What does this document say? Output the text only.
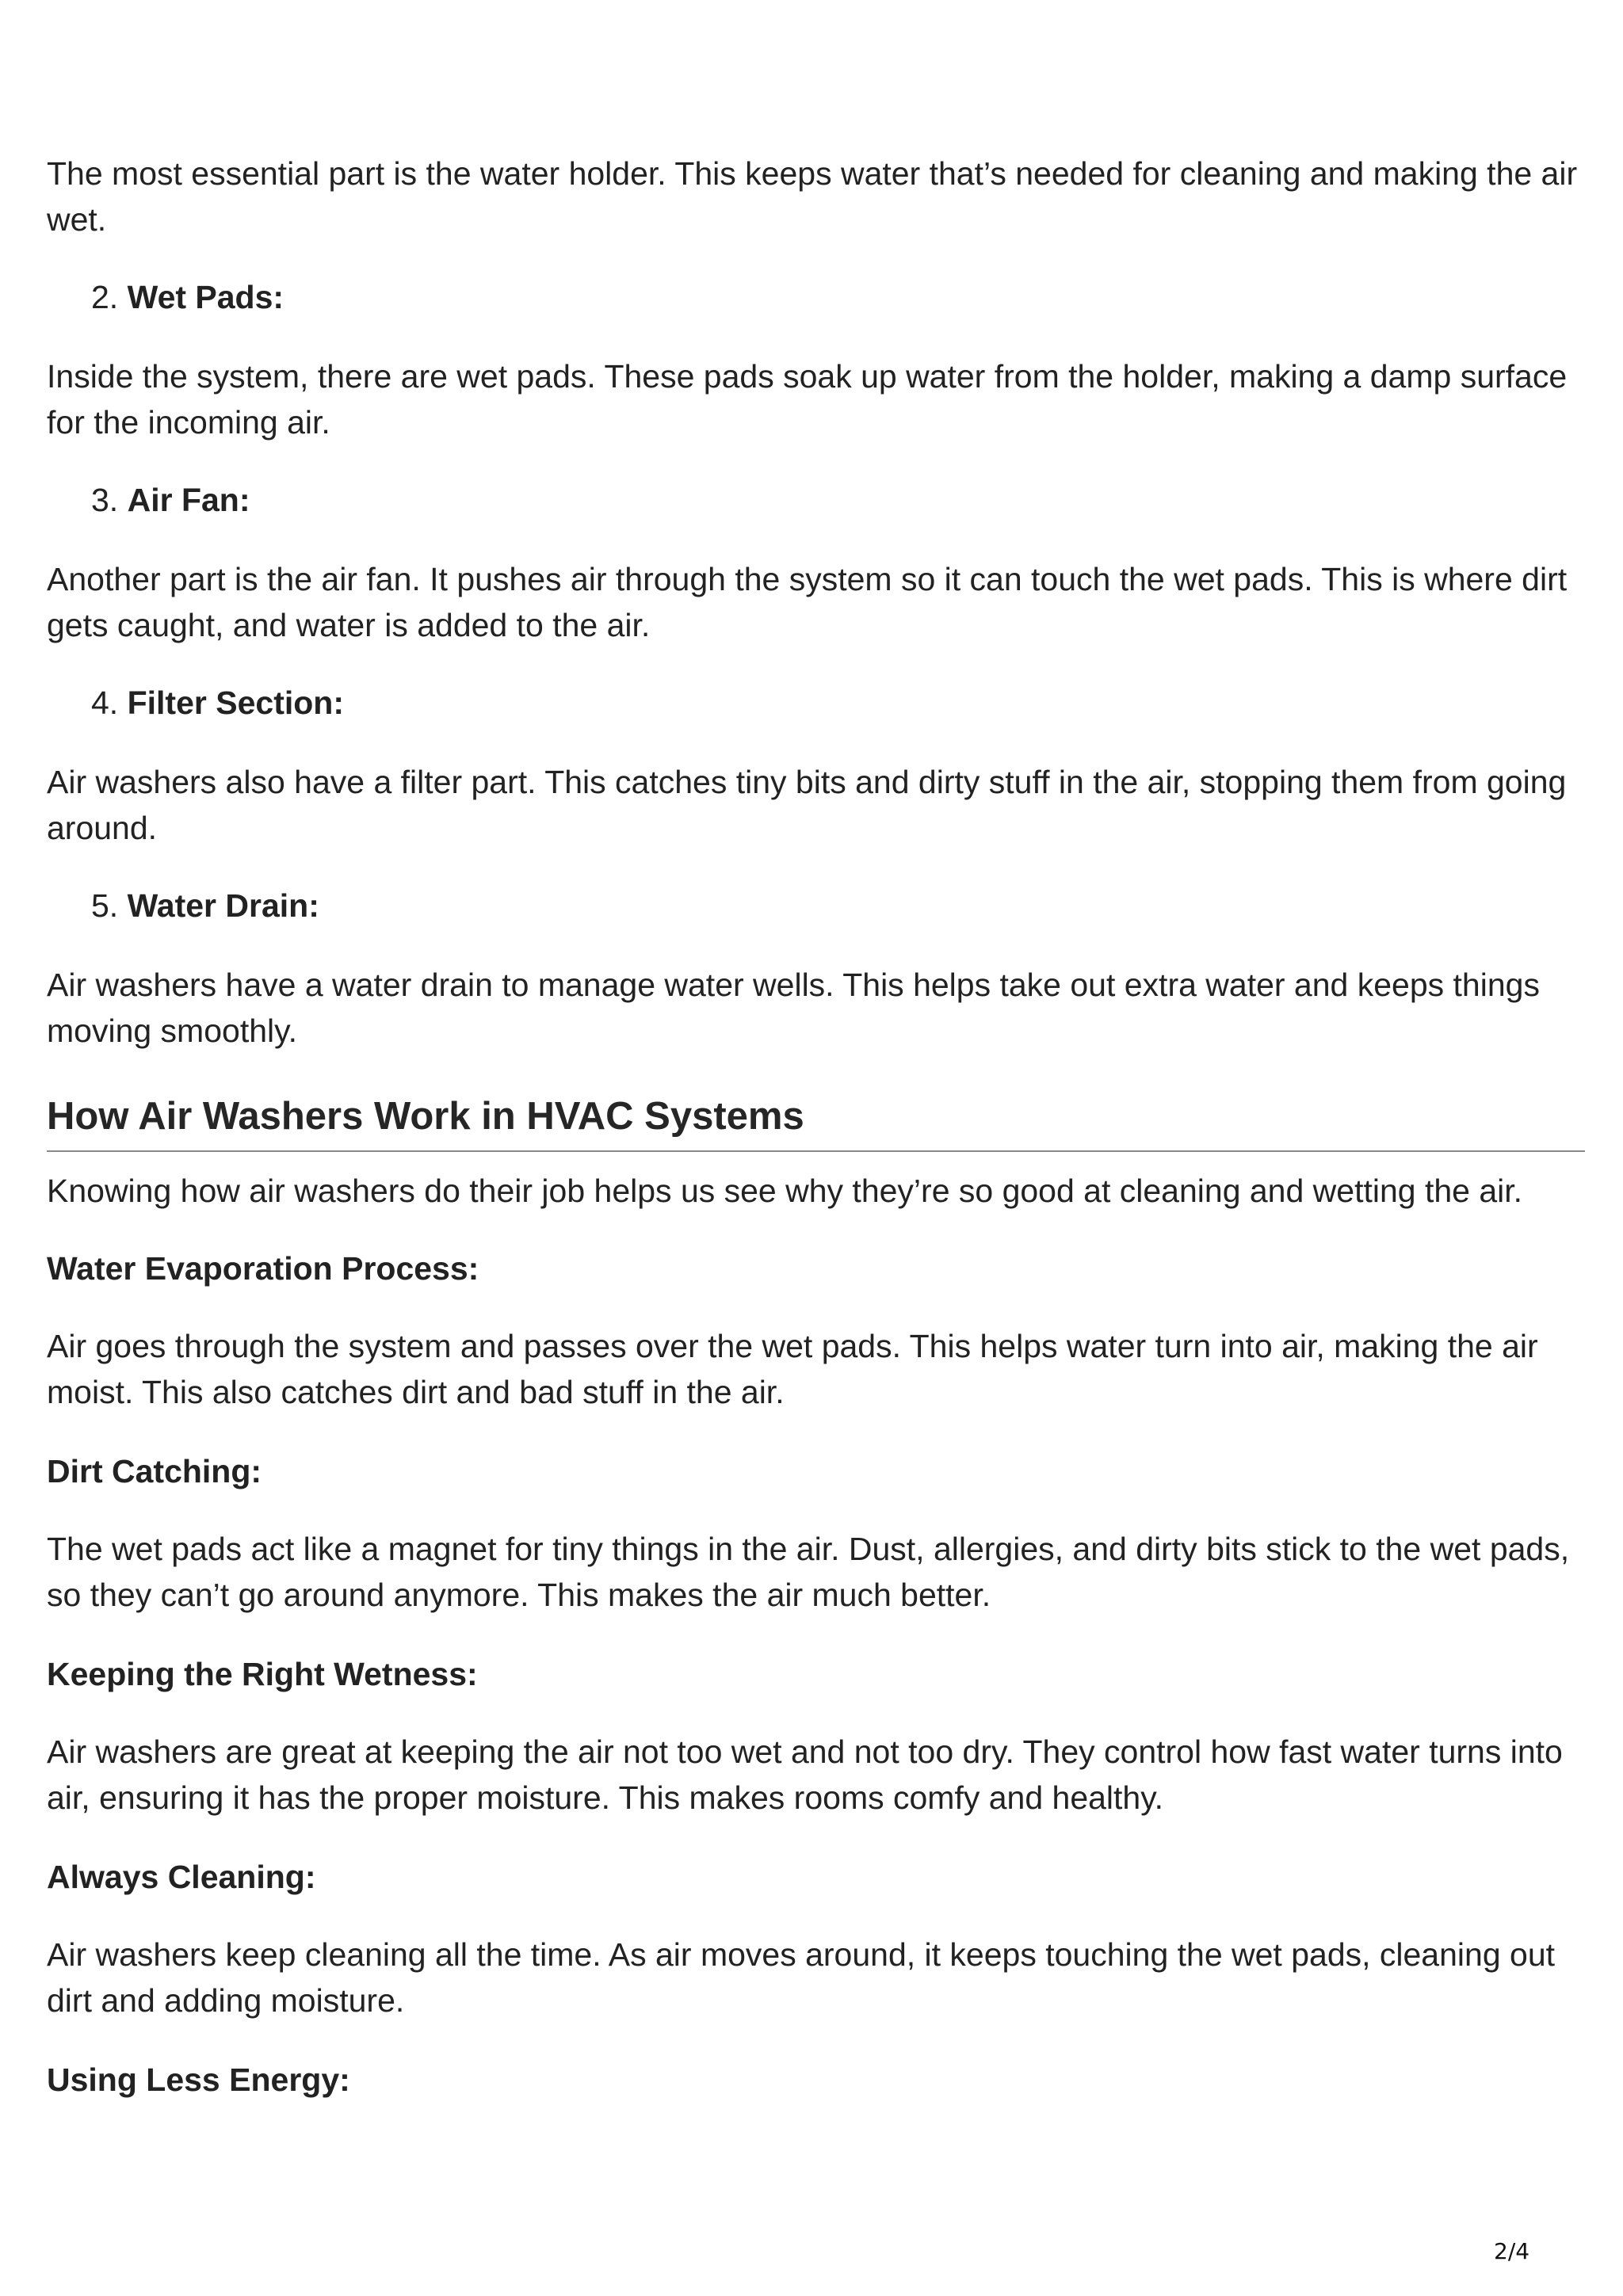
The most essential part is the water holder. This keeps water that’s needed for cleaning and making the air wet.

2. Wet Pads:

Inside the system, there are wet pads. These pads soak up water from the holder, making a damp surface for the incoming air.

3. Air Fan:

Another part is the air fan. It pushes air through the system so it can touch the wet pads. This is where dirt gets caught, and water is added to the air.

4. Filter Section:

Air washers also have a filter part. This catches tiny bits and dirty stuff in the air, stopping them from going around.

5. Water Drain:

Air washers have a water drain to manage water wells. This helps take out extra water and keeps things moving smoothly.

How Air Washers Work in HVAC Systems

Knowing how air washers do their job helps us see why they’re so good at cleaning and wetting the air.

Water Evaporation Process:

Air goes through the system and passes over the wet pads. This helps water turn into air, making the air moist. This also catches dirt and bad stuff in the air.

Dirt Catching:

The wet pads act like a magnet for tiny things in the air. Dust, allergies, and dirty bits stick to the wet pads, so they can’t go around anymore. This makes the air much better.

Keeping the Right Wetness:

Air washers are great at keeping the air not too wet and not too dry. They control how fast water turns into air, ensuring it has the proper moisture. This makes rooms comfy and healthy.

Always Cleaning:

Air washers keep cleaning all the time. As air moves around, it keeps touching the wet pads, cleaning out dirt and adding moisture.

Using Less Energy:

2/4
